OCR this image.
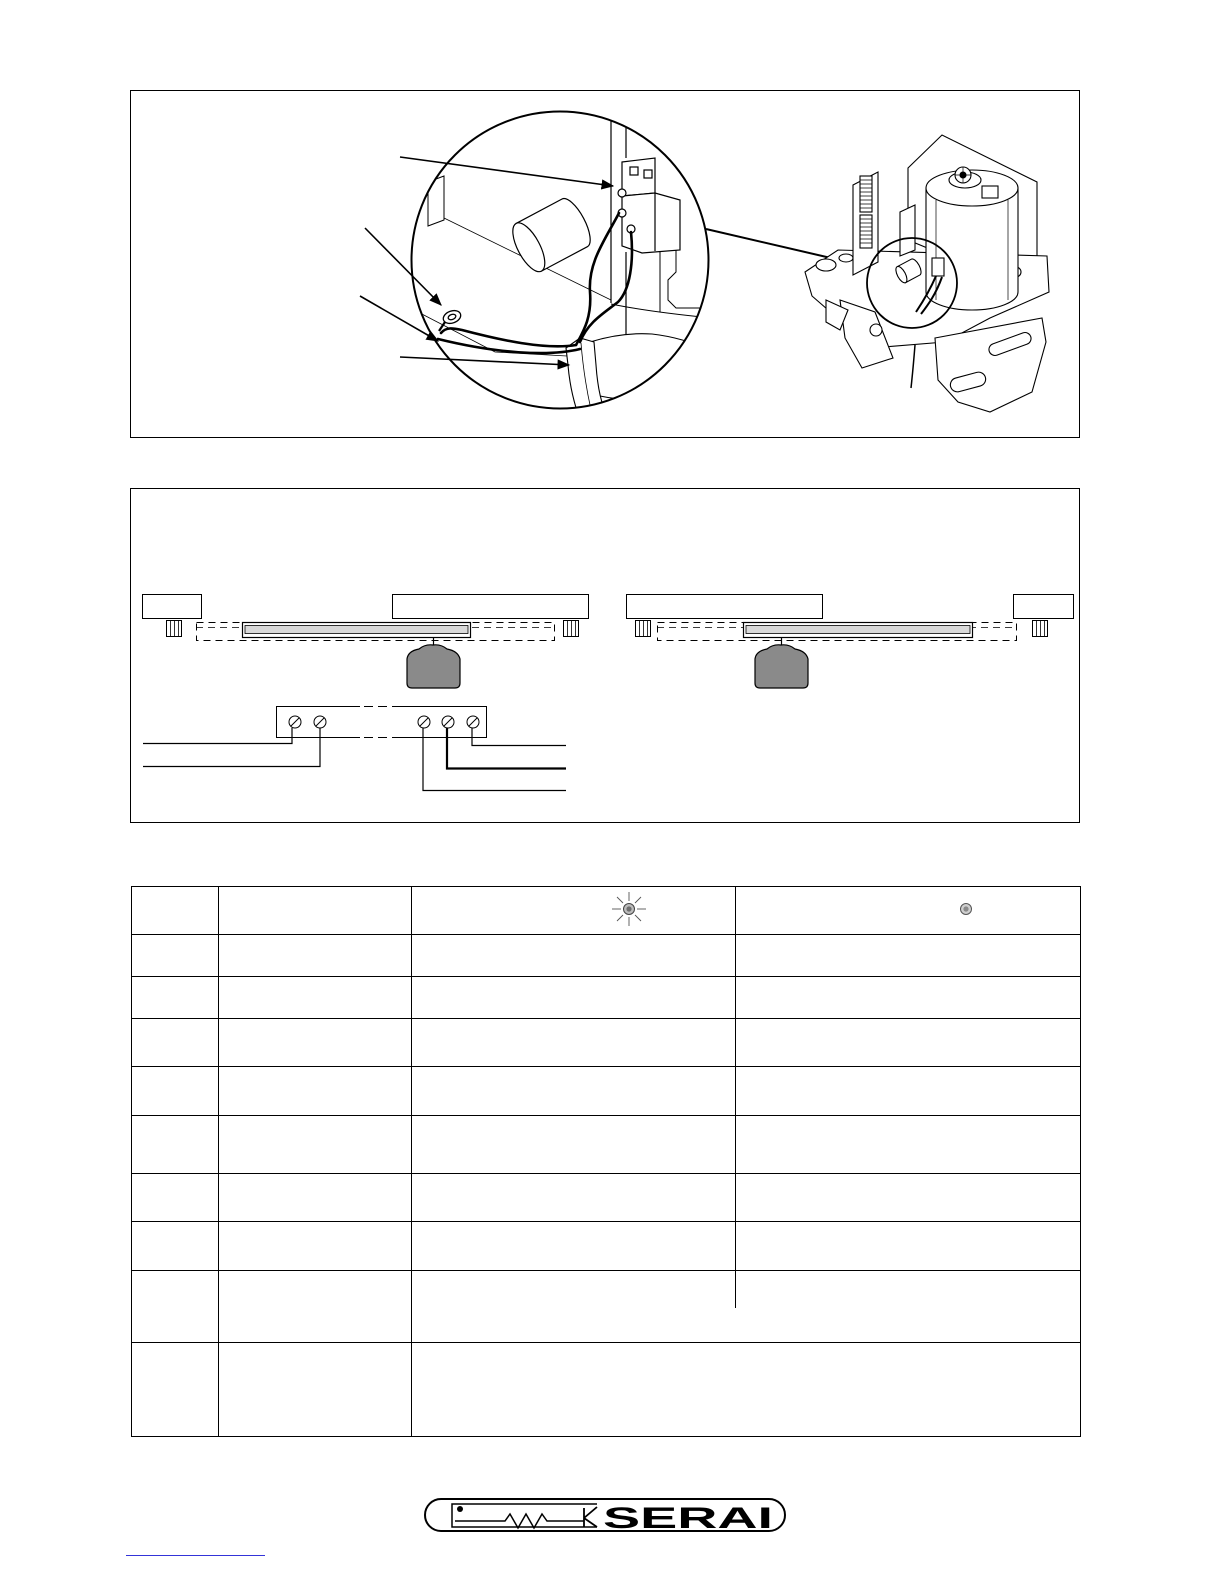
SERAI
